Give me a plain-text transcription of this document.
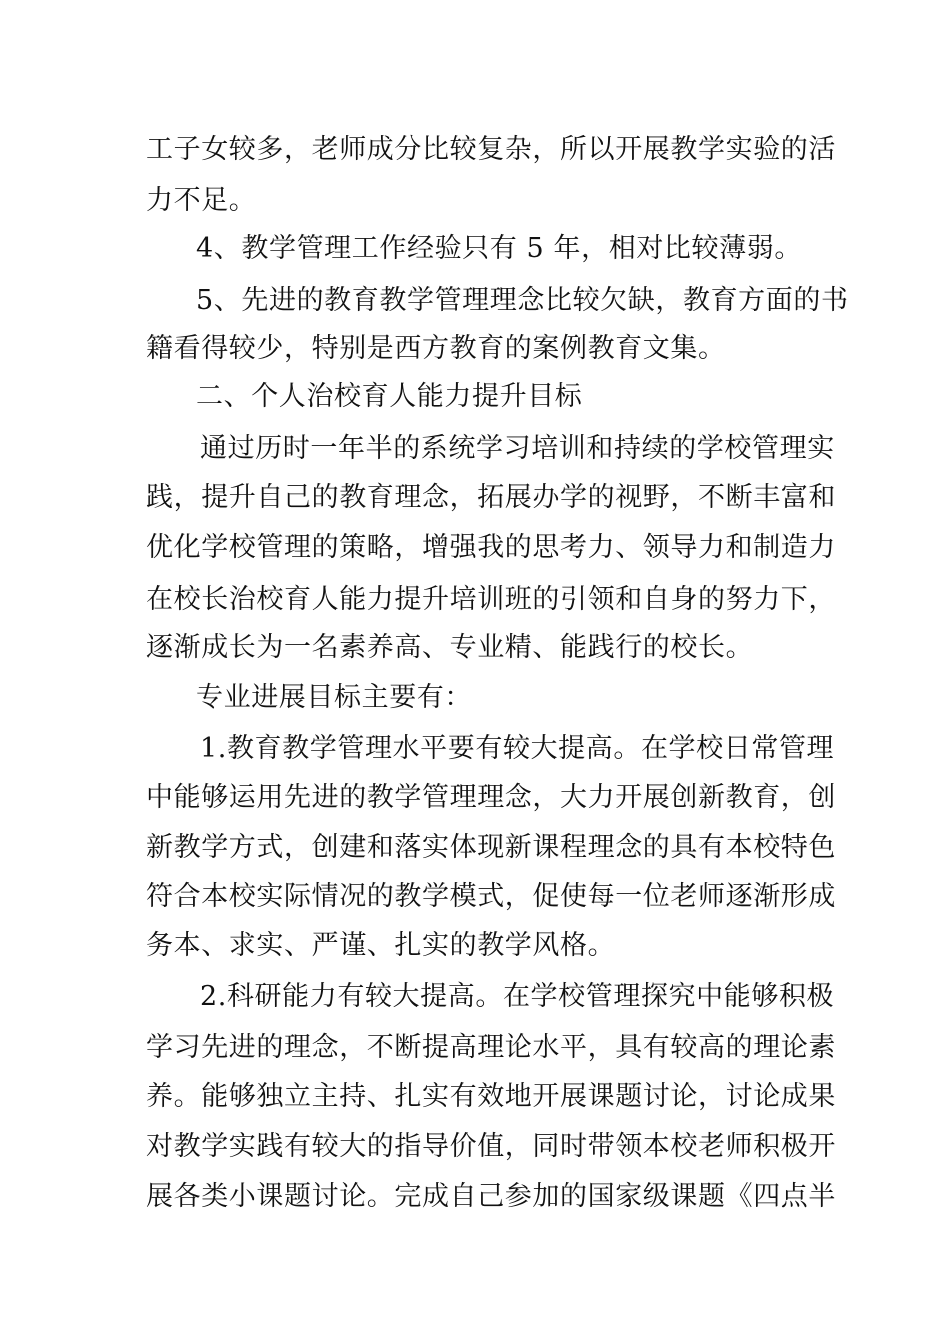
工子女较多，老师成分比较复杂，所以开展教学实验的活
力不足。
4、教学管理工作经验只有 5 年，相对比较薄弱。
5、先进的教育教学管理理念比较欠缺，教育方面的书
籍看得较少，特别是西方教育的案例教育文集。
二、个人治校育人能力提升目标
通过历时一年半的系统学习培训和持续的学校管理实
践，提升自己的教育理念，拓展办学的视野，不断丰富和
优化学校管理的策略，增强我的思考力、领导力和制造力
在校长治校育人能力提升培训班的引领和自身的努力下，
逐渐成长为一名素养高、专业精、能践行的校长。
专业进展目标主要有：
1.教育教学管理水平要有较大提高。在学校日常管理
中能够运用先进的教学管理理念，大力开展创新教育，创
新教学方式，创建和落实体现新课程理念的具有本校特色
符合本校实际情况的教学模式，促使每一位老师逐渐形成
务本、求实、严谨、扎实的教学风格。
2.科研能力有较大提高。在学校管理探究中能够积极
学习先进的理念，不断提高理论水平，具有较高的理论素
养。能够独立主持、扎实有效地开展课题讨论，讨论成果
对教学实践有较大的指导价值，同时带领本校老师积极开
展各类小课题讨论。完成自己参加的国家级课题《四点半
